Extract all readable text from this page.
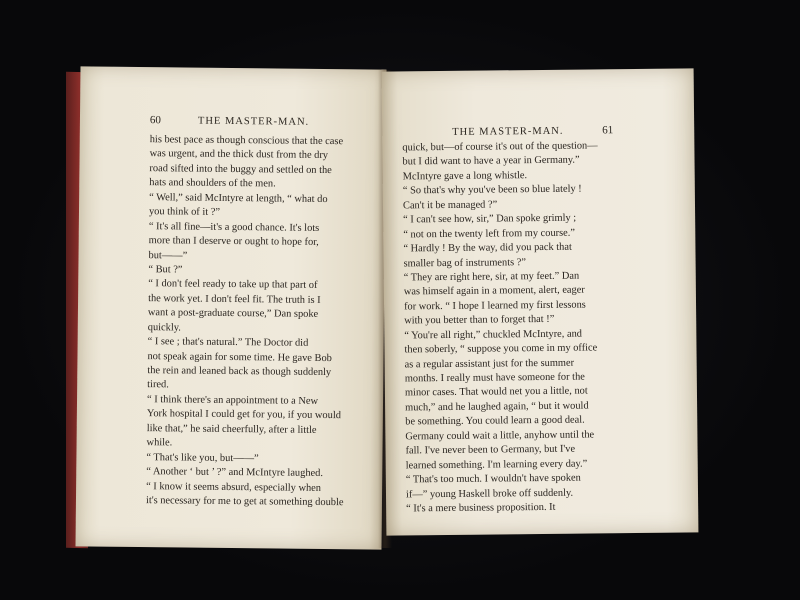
60	THE MASTER-MAN.
his best pace as though conscious that the case
was urgent, and the thick dust from the dry
road sifted into the buggy and settled on the
hats and shoulders of the men.
“ Well,” said McIntyre at length, “ what do
you think of it ?”
“ It's all fine—it's a good chance. It's lots
more than I deserve or ought to hope for,
but——”
“ But ?”
“ I don't feel ready to take up that part of
the work yet. I don't feel fit. The truth is I
want a post-graduate course,” Dan spoke
quickly.
“ I see ; that's natural.” The Doctor did
not speak again for some time. He gave Bob
the rein and leaned back as though suddenly
tired.
“ I think there's an appointment to a New
York hospital I could get for you, if you would
like that,” he said cheerfully, after a little
while.
“ That's like you, but——”
“ Another ‘ but ’ ?” and McIntyre laughed.
“ I know it seems absurd, especially when
it's necessary for me to get at something double
THE MASTER-MAN.	61
quick, but—of course it's out of the question—
but I did want to have a year in Germany.”
McIntyre gave a long whistle.
“ So that's why you've been so blue lately !
Can't it be managed ?”
“ I can't see how, sir,” Dan spoke grimly ;
“ not on the twenty left from my course.”
“ Hardly ! By the way, did you pack that
smaller bag of instruments ?”
“ They are right here, sir, at my feet.” Dan
was himself again in a moment, alert, eager
for work. “ I hope I learned my first lessons
with you better than to forget that !”
“ You're all right,” chuckled McIntyre, and
then soberly, “ suppose you come in my office
as a regular assistant just for the summer
months. I really must have someone for the
minor cases. That would net you a little, not
much,” and he laughed again, “ but it would
be something. You could learn a good deal.
Germany could wait a little, anyhow until the
fall. I've never been to Germany, but I've
learned something. I'm learning every day.”
“ That's too much. I wouldn't have spoken
if—” young Haskell broke off suddenly.
“ It's a mere business proposition. It
